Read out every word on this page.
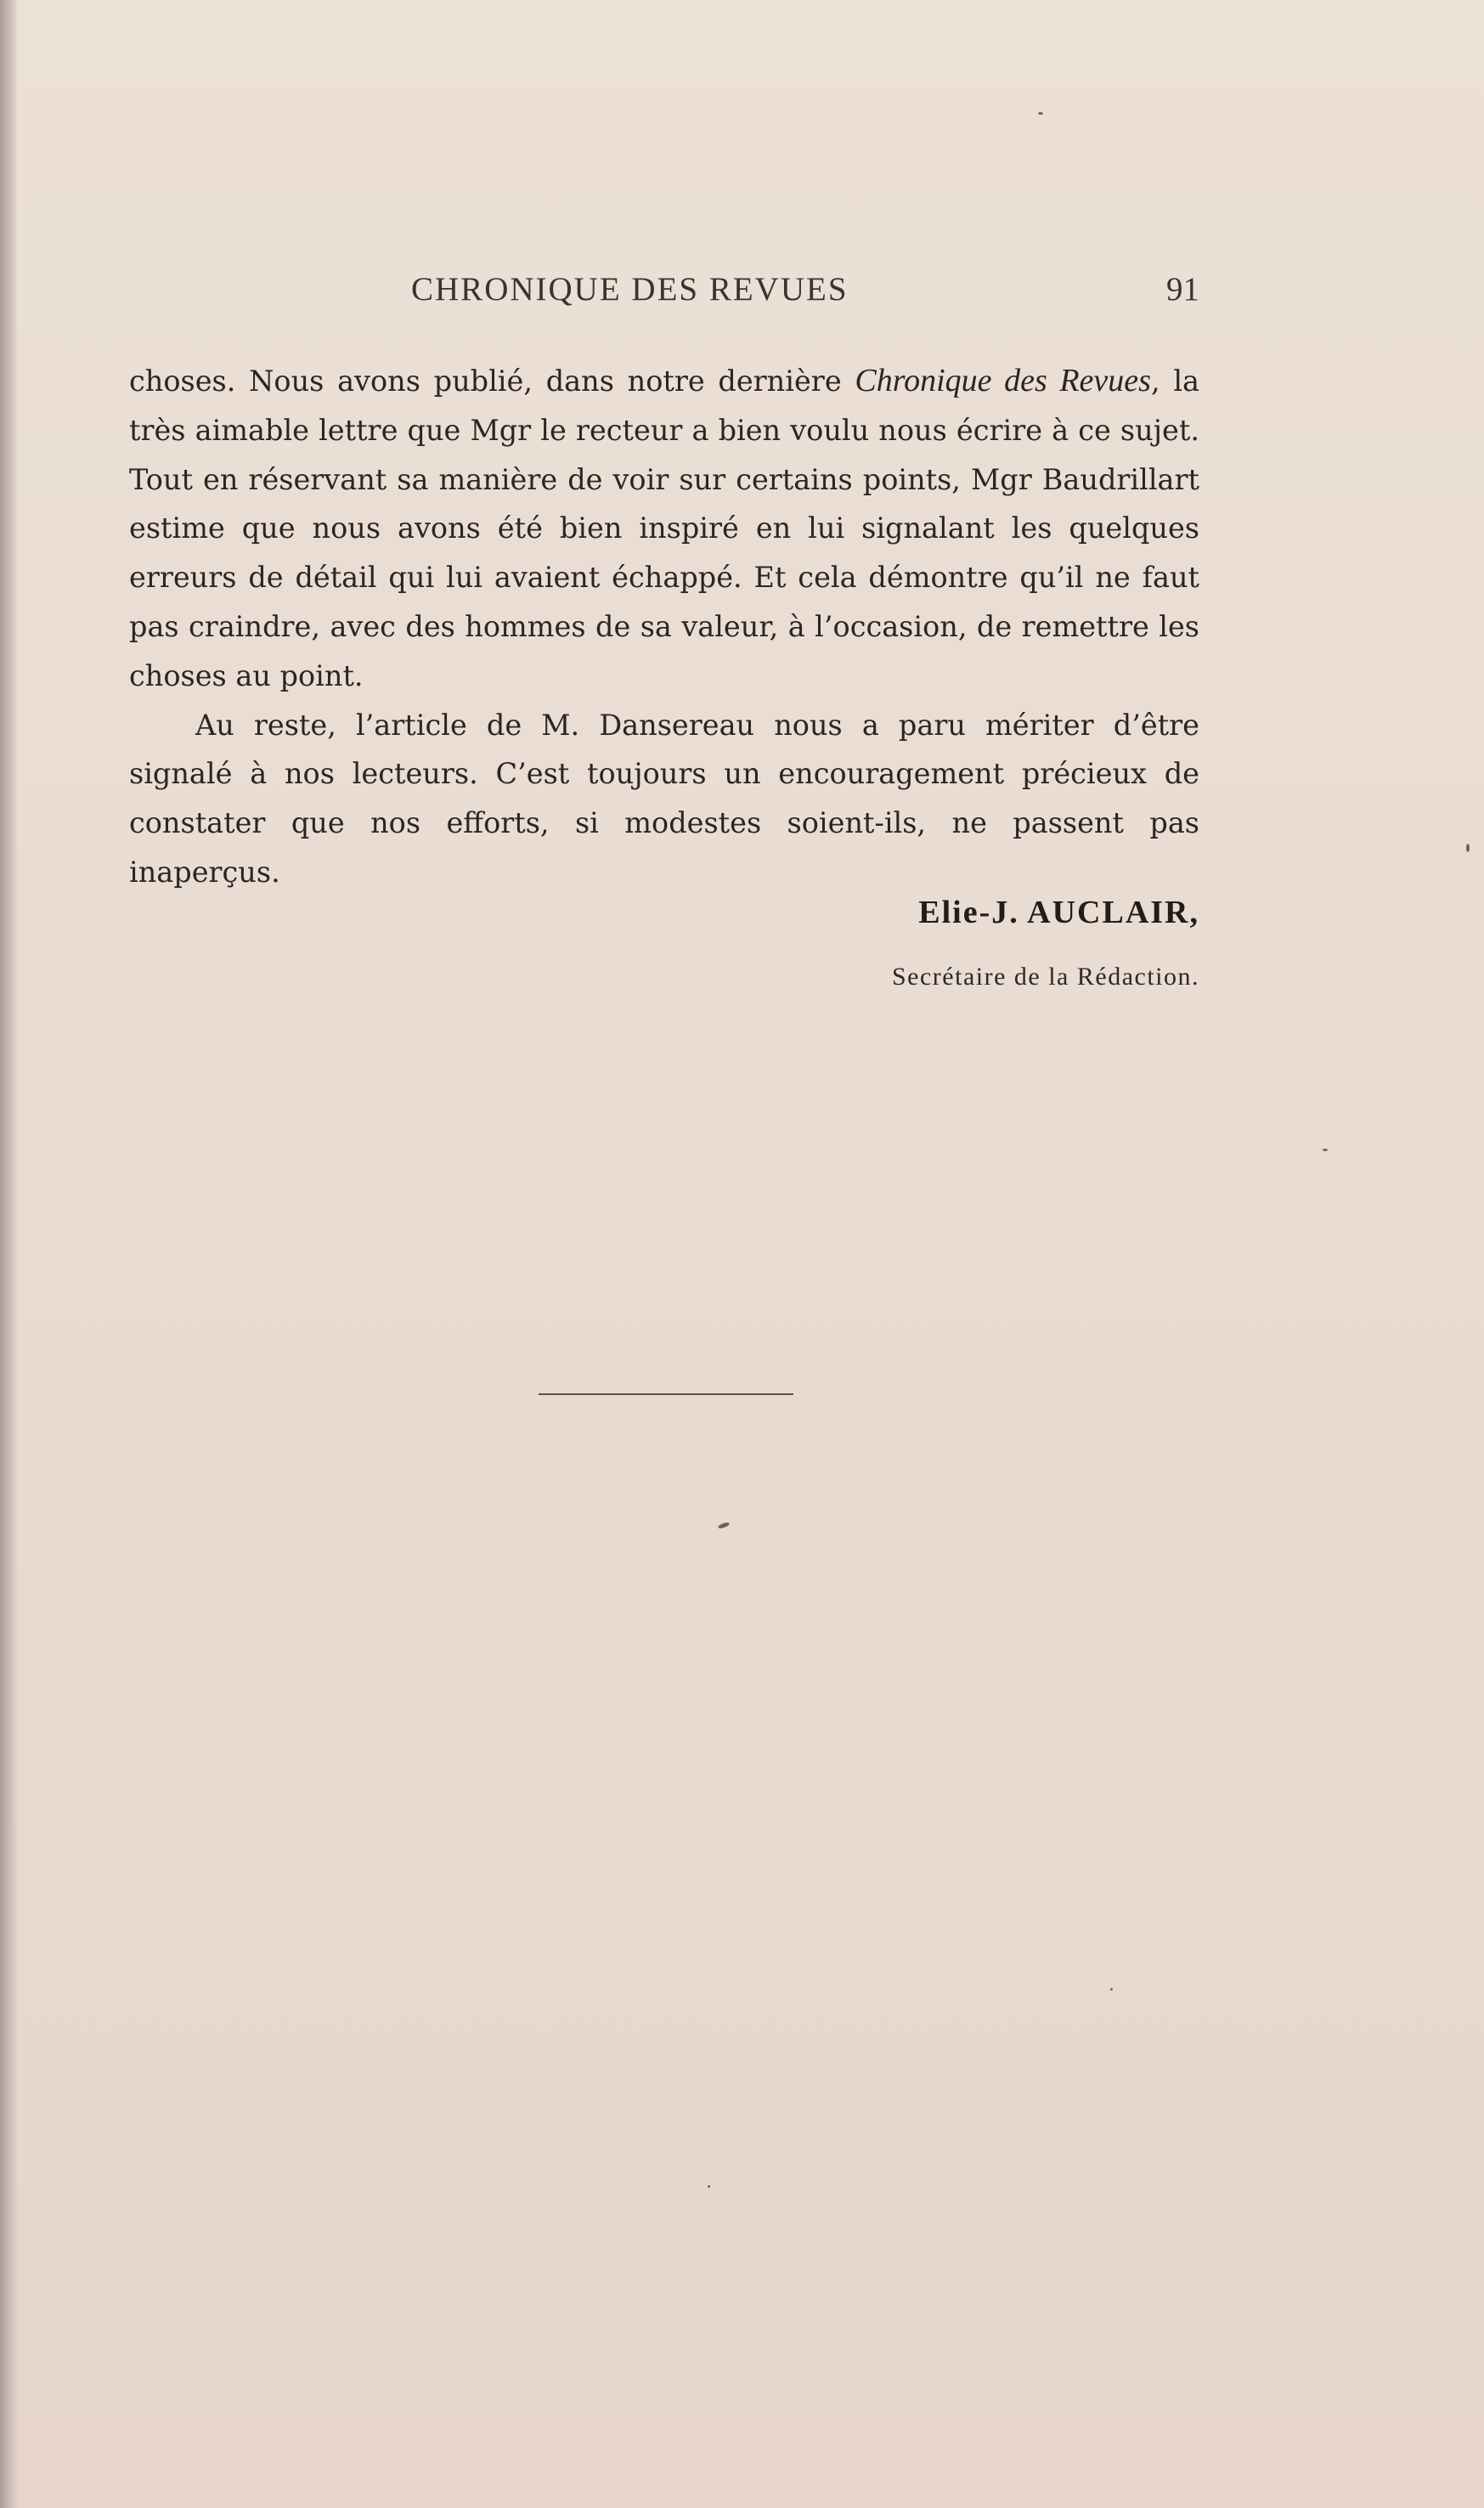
CHRONIQUE DES REVUES	91

choses. Nous avons publié, dans notre dernière Chronique des Revues, la très aimable lettre que Mgr le recteur a bien voulu nous écrire à ce sujet. Tout en réservant sa manière de voir sur certains points, Mgr Baudrillart estime que nous avons été bien inspiré en lui signalant les quelques erreurs de détail qui lui avaient échappé. Et cela démontre qu’il ne faut pas craindre, avec des hommes de sa valeur, à l’occasion, de remettre les choses au point.

Au reste, l’article de M. Dansereau nous a paru mériter d’être signalé à nos lecteurs. C’est toujours un encouragement précieux de constater que nos efforts, si modestes soient-ils, ne passent pas inaperçus.

Elie-J. AUCLAIR,
Secrétaire de la Rédaction.
